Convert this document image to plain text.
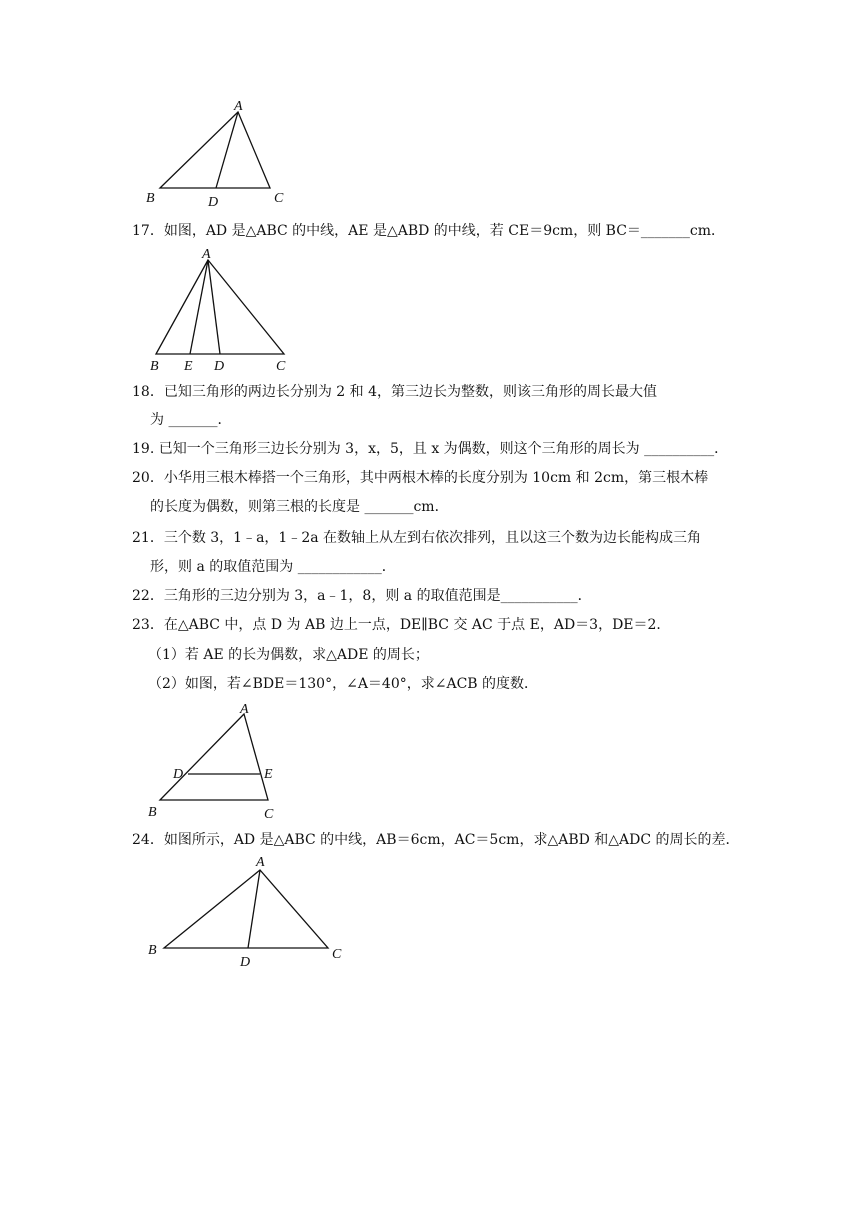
A
B	D	C
17．如图，AD 是△ABC 的中线，AE 是△ABD 的中线，若 CE＝9cm，则 BC＝_______cm．
A
B E D	C
18．已知三角形的两边长分别为 2 和 4，第三边长为整数，则该三角形的周长最大值
为 _______．
19. 已知一个三角形三边长分别为 3，x，5，且 x 为偶数，则这个三角形的周长为 __________．
20．小华用三根木棒搭一个三角形，其中两根木棒的长度分别为 10cm 和 2cm，第三根木棒
的长度为偶数，则第三根的长度是 _______cm．
21．三个数 3，1﹣a，1﹣2a 在数轴上从左到右依次排列，且以这三个数为边长能构成三角
形，则 a 的取值范围为 ____________．
22．三角形的三边分别为 3，a﹣1，8，则 a 的取值范围是___________．
23．在△ABC 中，点 D 为 AB 边上一点，DE∥BC 交 AC 于点 E，AD＝3，DE＝2．
（1）若 AE 的长为偶数，求△ADE 的周长；
（2）如图，若∠BDE＝130°，∠A＝40°，求∠ACB 的度数．
A
D	E
B	C
24．如图所示，AD 是△ABC 的中线，AB＝6cm，AC＝5cm，求△ABD 和△ADC 的周长的差．
A
B
D
C
